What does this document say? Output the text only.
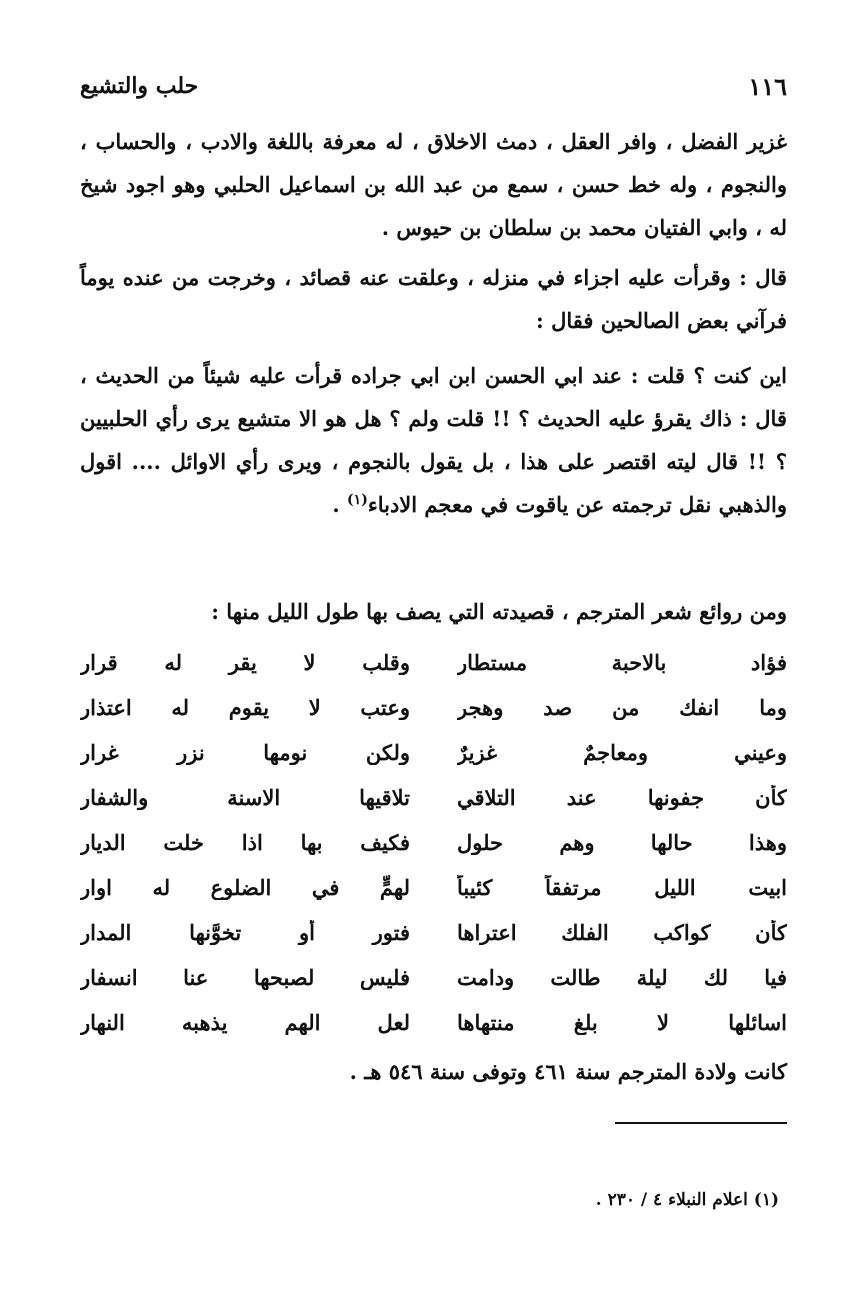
١١٦
حلب والتشيع

غزير الفضل ، وافر العقل ، دمث الاخلاق ، له معرفة باللغة والادب ، والحساب ، والنجوم ، وله خط حسن ، سمع من عبد الله بن اسماعيل الحلبي وهو اجود شيخ له ، وابي الفتيان محمد بن سلطان بن حيوس .

قال : وقرأت عليه اجزاء في منزله ، وعلقت عنه قصائد ، وخرجت من عنده يوماً فرآني بعض الصالحين فقال :

اين كنت ؟ قلت : عند ابي الحسن ابن ابي جراده قرأت عليه شيئاً من الحديث ، قال : ذاك يقرؤ عليه الحديث ؟ !! قلت ولم ؟ هل هو الا متشيع يرى رأي الحلبيين ؟ !! قال ليته اقتصر على هذا ، بل يقول بالنجوم ، ويرى رأي الاوائل .... اقول والذهبي نقل ترجمته عن ياقوت في معجم الادباء$^{(١)}$ .

ومن روائع شعر المترجم ، قصيدته التي يصف بها طول الليل منها :

فؤاد بالاحبة مستطار
وقلب لا يقر له قرار
وما انفك من صد وهجر
وعتب لا يقوم له اعتذار
وعيني ومعاجمٌ غزيرٌ
ولكن نومها نزر غرار
كأن جفونها عند التلاقي
تلاقيها الاسنة والشفار
وهذا حالها وهم حلول
فكيف بها اذا خلت الديار
ابيت الليل مرتفقاً كئيباً
لهمٍّ في الضلوع له اوار
كأن كواكب الفلك اعتراها
فتور أو تخوَّنها المدار
فيا لك ليلة طالت ودامت
فليس لصبحها عنا انسفار
اسائلها لا بلغ منتهاها
لعل الهم يذهبه النهار

كانت ولادة المترجم سنة ٤٦١ وتوفى سنة ٥٤٦ هـ .

(١) اعلام النبلاء ٤ / ٢٣٠ .
